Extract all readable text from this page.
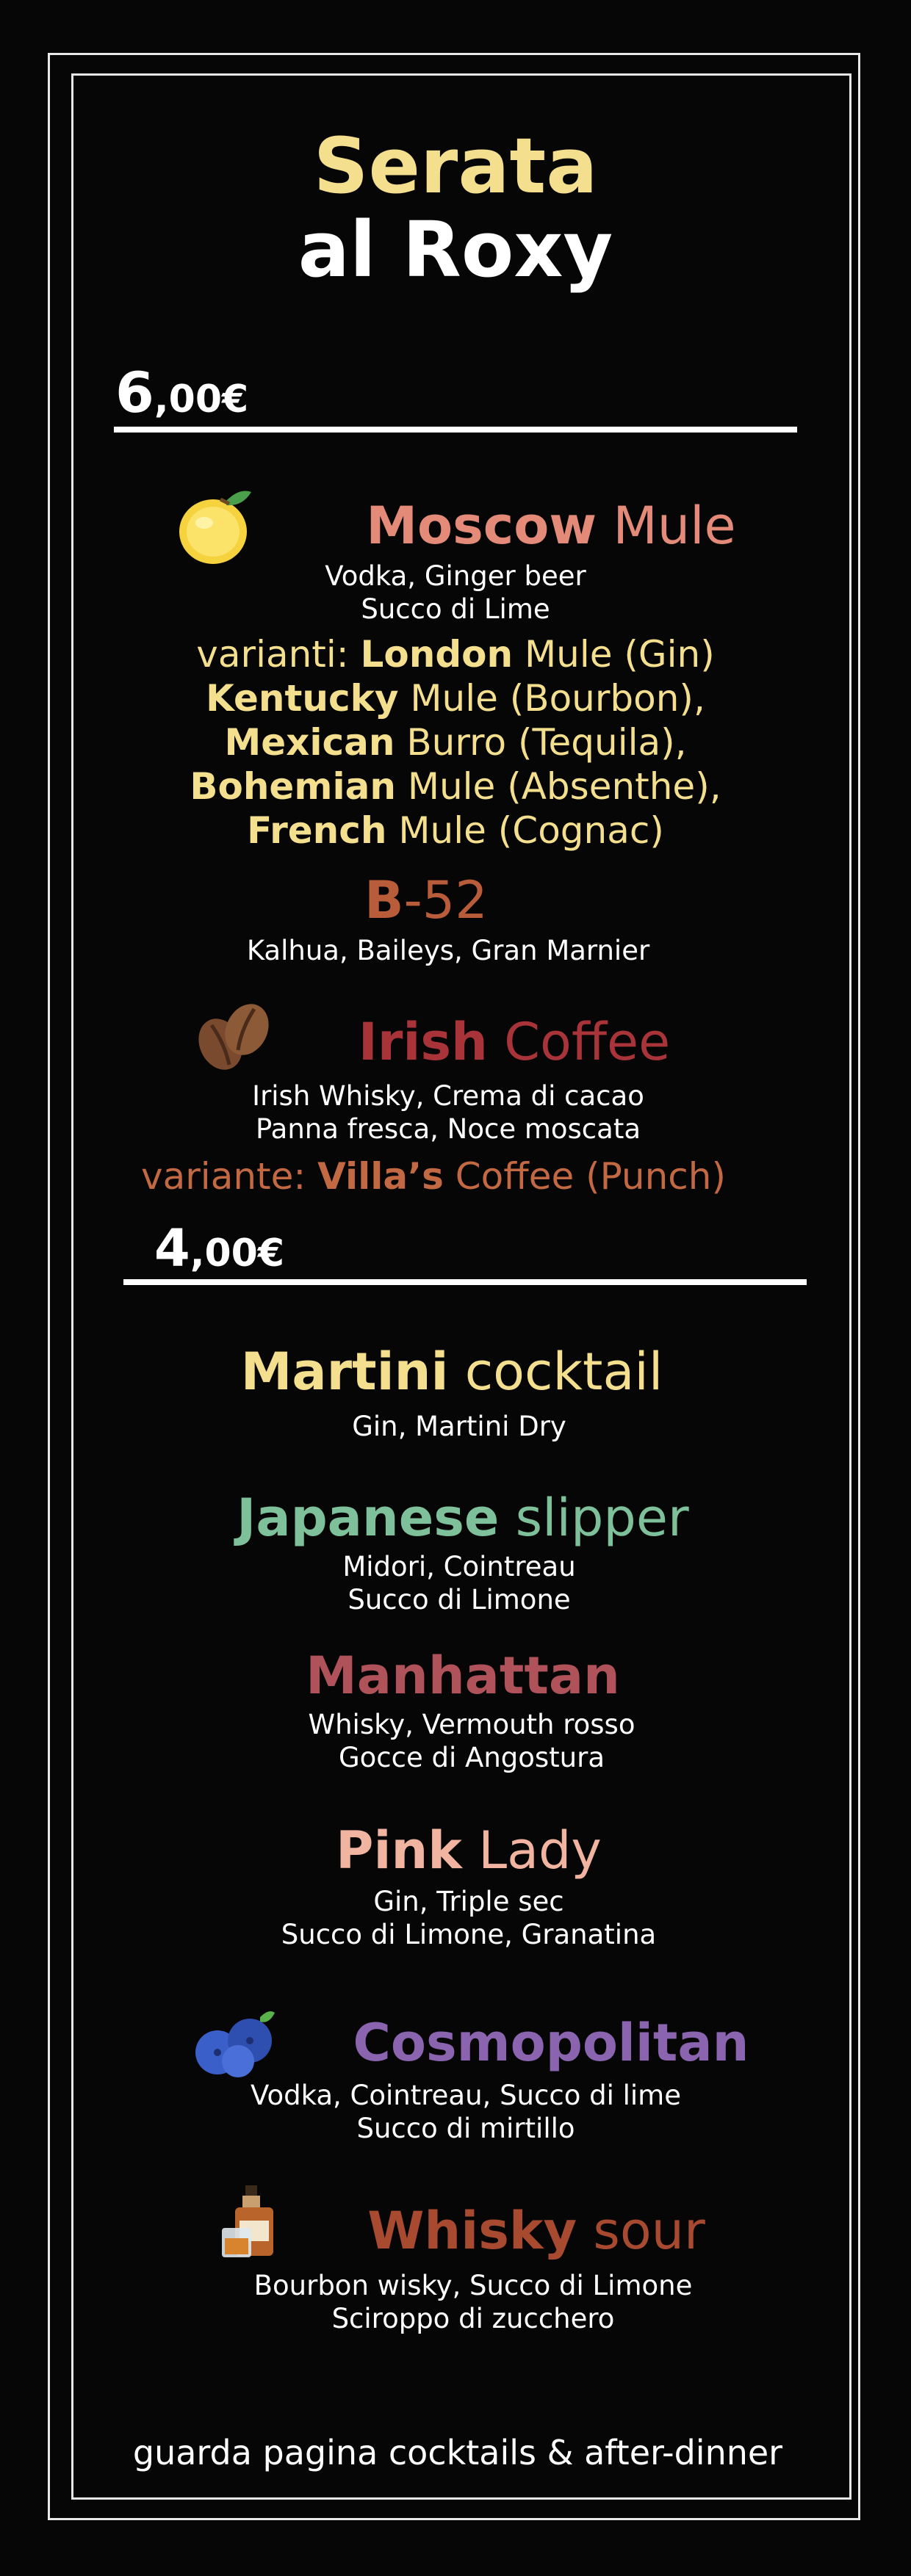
Serata
al Roxy
6,00€
Moscow Mule
Vodka, Ginger beer
Succo di Lime
varianti: London Mule (Gin)
Kentucky Mule (Bourbon),
Mexican Burro (Tequila),
Bohemian Mule (Absenthe),
French Mule (Cognac)
B-52
Kalhua, Baileys, Gran Marnier
Irish Coffee
Irish Whisky, Crema di cacao
Panna fresca, Noce moscata
variante: Villa’s Coffee (Punch)
4,00€
Martini cocktail
Gin, Martini Dry
Japanese slipper
Midori, Cointreau
Succo di Limone
Manhattan
Whisky, Vermouth rosso
Gocce di Angostura
Pink Lady
Gin, Triple sec
Succo di Limone, Granatina
Cosmopolitan
Vodka, Cointreau, Succo di lime
Succo di mirtillo
Whisky sour
Bourbon wisky, Succo di Limone
Sciroppo di zucchero
guarda pagina cocktails & after-dinner
